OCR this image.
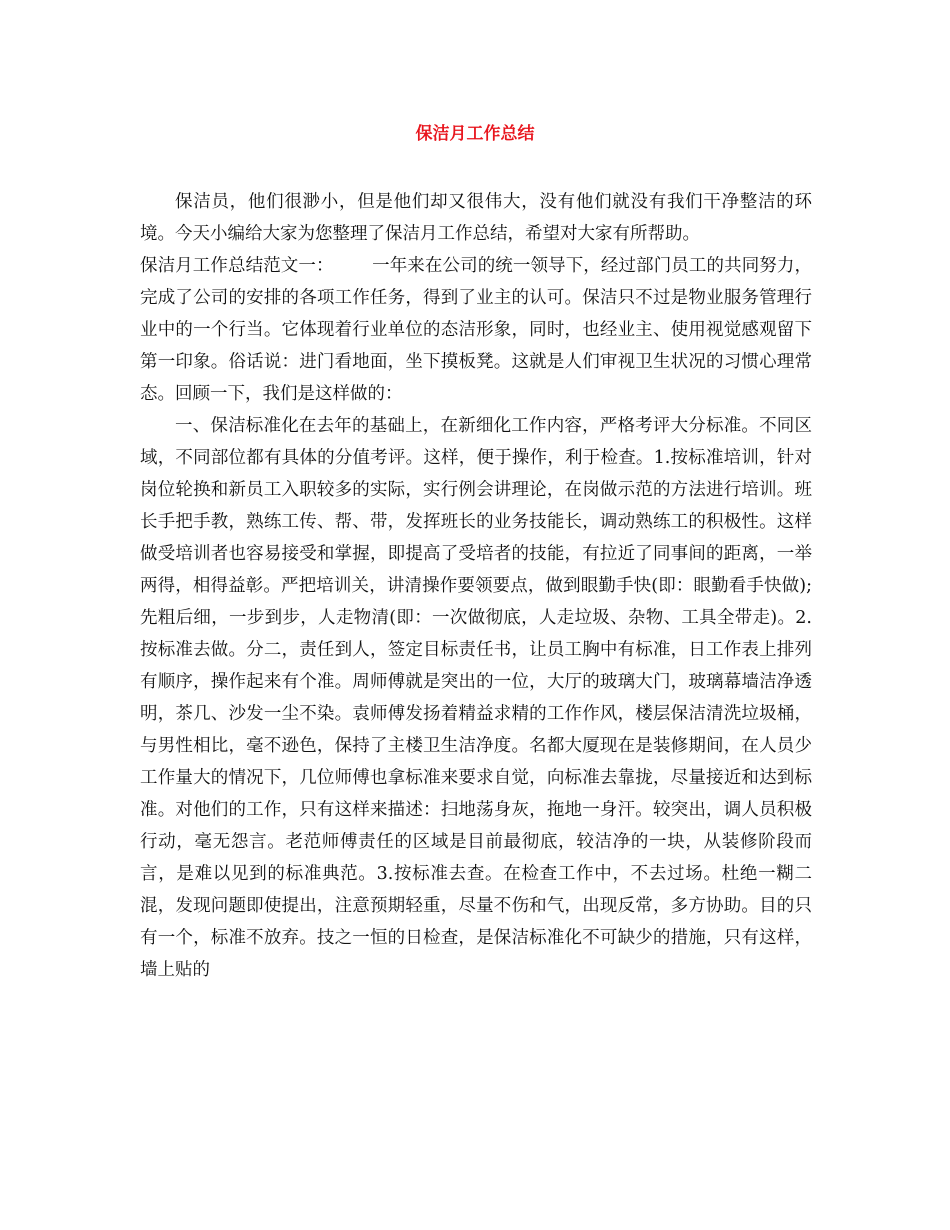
保洁月工作总结

保洁员，他们很渺小，但是他们却又很伟大，没有他们就没有我们干净整洁的环境。今天小编给大家为您整理了保洁月工作总结，希望对大家有所帮助。

保洁月工作总结范文一： 一年来在公司的统一领导下，经过部门员工的共同努力，完成了公司的安排的各项工作任务，得到了业主的认可。保洁只不过是物业服务管理行业中的一个行当。它体现着行业单位的态洁形象，同时，也经业主、使用视觉感观留下第一印象。俗话说：进门看地面，坐下摸板凳。这就是人们审视卫生状况的习惯心理常态。回顾一下，我们是这样做的：

一、保洁标准化在去年的基础上，在新细化工作内容，严格考评大分标准。不同区域，不同部位都有具体的分值考评。这样，便于操作，利于检查。1.按标准培训，针对岗位轮换和新员工入职较多的实际，实行例会讲理论，在岗做示范的方法进行培训。班长手把手教，熟练工传、帮、带，发挥班长的业务技能长，调动熟练工的积极性。这样做受培训者也容易接受和掌握，即提高了受培者的技能，有拉近了同事间的距离，一举两得，相得益彰。严把培训关，讲清操作要领要点，做到眼勤手快(即：眼勤看手快做);先粗后细，一步到步，人走物清(即：一次做彻底，人走垃圾、杂物、工具全带走)。2.按标准去做。分二，责任到人，签定目标责任书，让员工胸中有标准，日工作表上排列有顺序，操作起来有个准。周师傅就是突出的一位，大厅的玻璃大门，玻璃幕墙洁净透明，茶几、沙发一尘不染。袁师傅发扬着精益求精的工作作风，楼层保洁清洗垃圾桶，与男性相比，毫不逊色，保持了主楼卫生洁净度。名都大厦现在是装修期间，在人员少工作量大的情况下，几位师傅也拿标准来要求自觉，向标准去靠拢，尽量接近和达到标准。对他们的工作，只有这样来描述：扫地荡身灰，拖地一身汗。较突出，调人员积极行动，毫无怨言。老范师傅责任的区域是目前最彻底，较洁净的一块，从装修阶段而言，是难以见到的标准典范。3.按标准去查。在检查工作中，不去过场。杜绝一糊二混，发现问题即使提出，注意预期轻重，尽量不伤和气，出现反常，多方协助。目的只有一个，标准不放弃。技之一恒的日检查，是保洁标准化不可缺少的措施，只有这样，墙上贴的
